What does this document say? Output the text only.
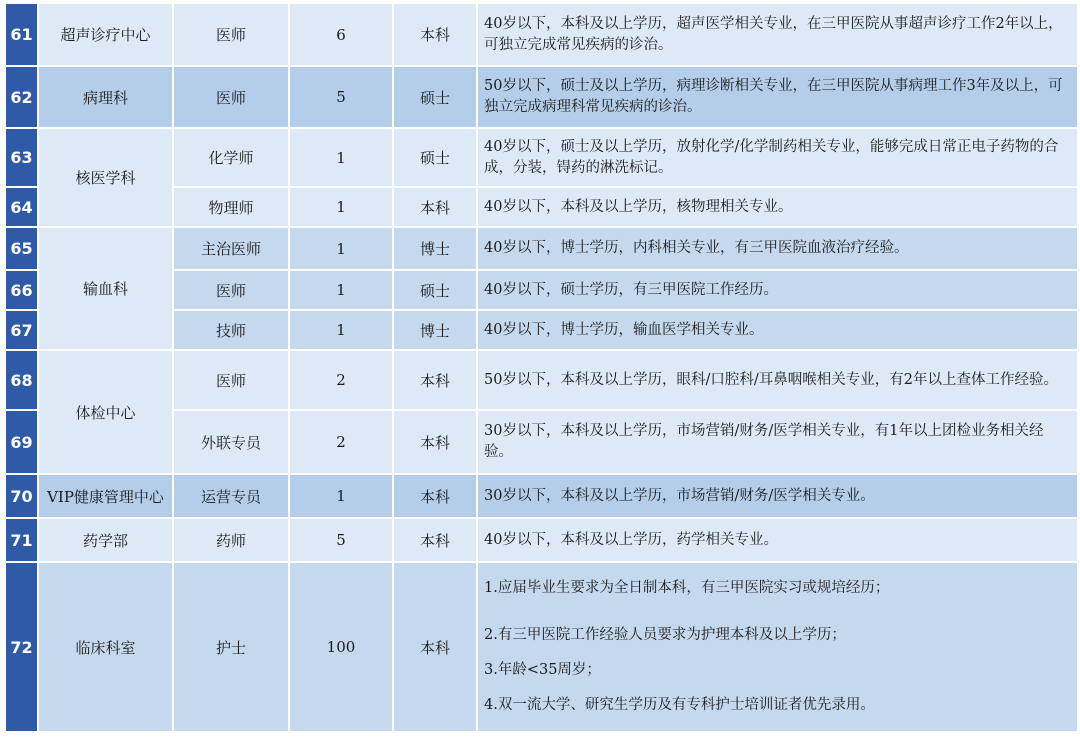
61	超声诊疗中心	医师	6	本科	40岁以下，本科及以上学历，超声医学相关专业，在三甲医院从事超声诊疗工作2年以上，可独立完成常见疾病的诊治。
62	病理科	医师	5	硕士	50岁以下，硕士及以上学历，病理诊断相关专业，在三甲医院从事病理工作3年及以上，可独立完成病理科常见疾病的诊治。
63	核医学科	化学师	1	硕士	40岁以下，硕士及以上学历，放射化学/化学制药相关专业，能够完成日常正电子药物的合成，分装，锝药的淋洗标记。
64		物理师	1	本科	40岁以下，本科及以上学历，核物理相关专业。
65	输血科	主治医师	1	博士	40岁以下，博士学历，内科相关专业，有三甲医院血液治疗经验。
66		医师	1	硕士	40岁以下，硕士学历，有三甲医院工作经历。
67		技师	1	博士	40岁以下，博士学历，输血医学相关专业。
68	体检中心	医师	2	本科	50岁以下，本科及以上学历，眼科/口腔科/耳鼻咽喉相关专业，有2年以上查体工作经验。
69		外联专员	2	本科	30岁以下，本科及以上学历，市场营销/财务/医学相关专业，有1年以上团检业务相关经验。
70	VIP健康管理中心	运营专员	1	本科	30岁以下，本科及以上学历，市场营销/财务/医学相关专业。
71	药学部	药师	5	本科	40岁以下，本科及以上学历，药学相关专业。
72	临床科室	护士	100	本科	1.应届毕业生要求为全日制本科，有三甲医院实习或规培经历；
2.有三甲医院工作经验人员要求为护理本科及以上学历；
3.年龄<35周岁；
4.双一流大学、研究生学历及有专科护士培训证者优先录用。
